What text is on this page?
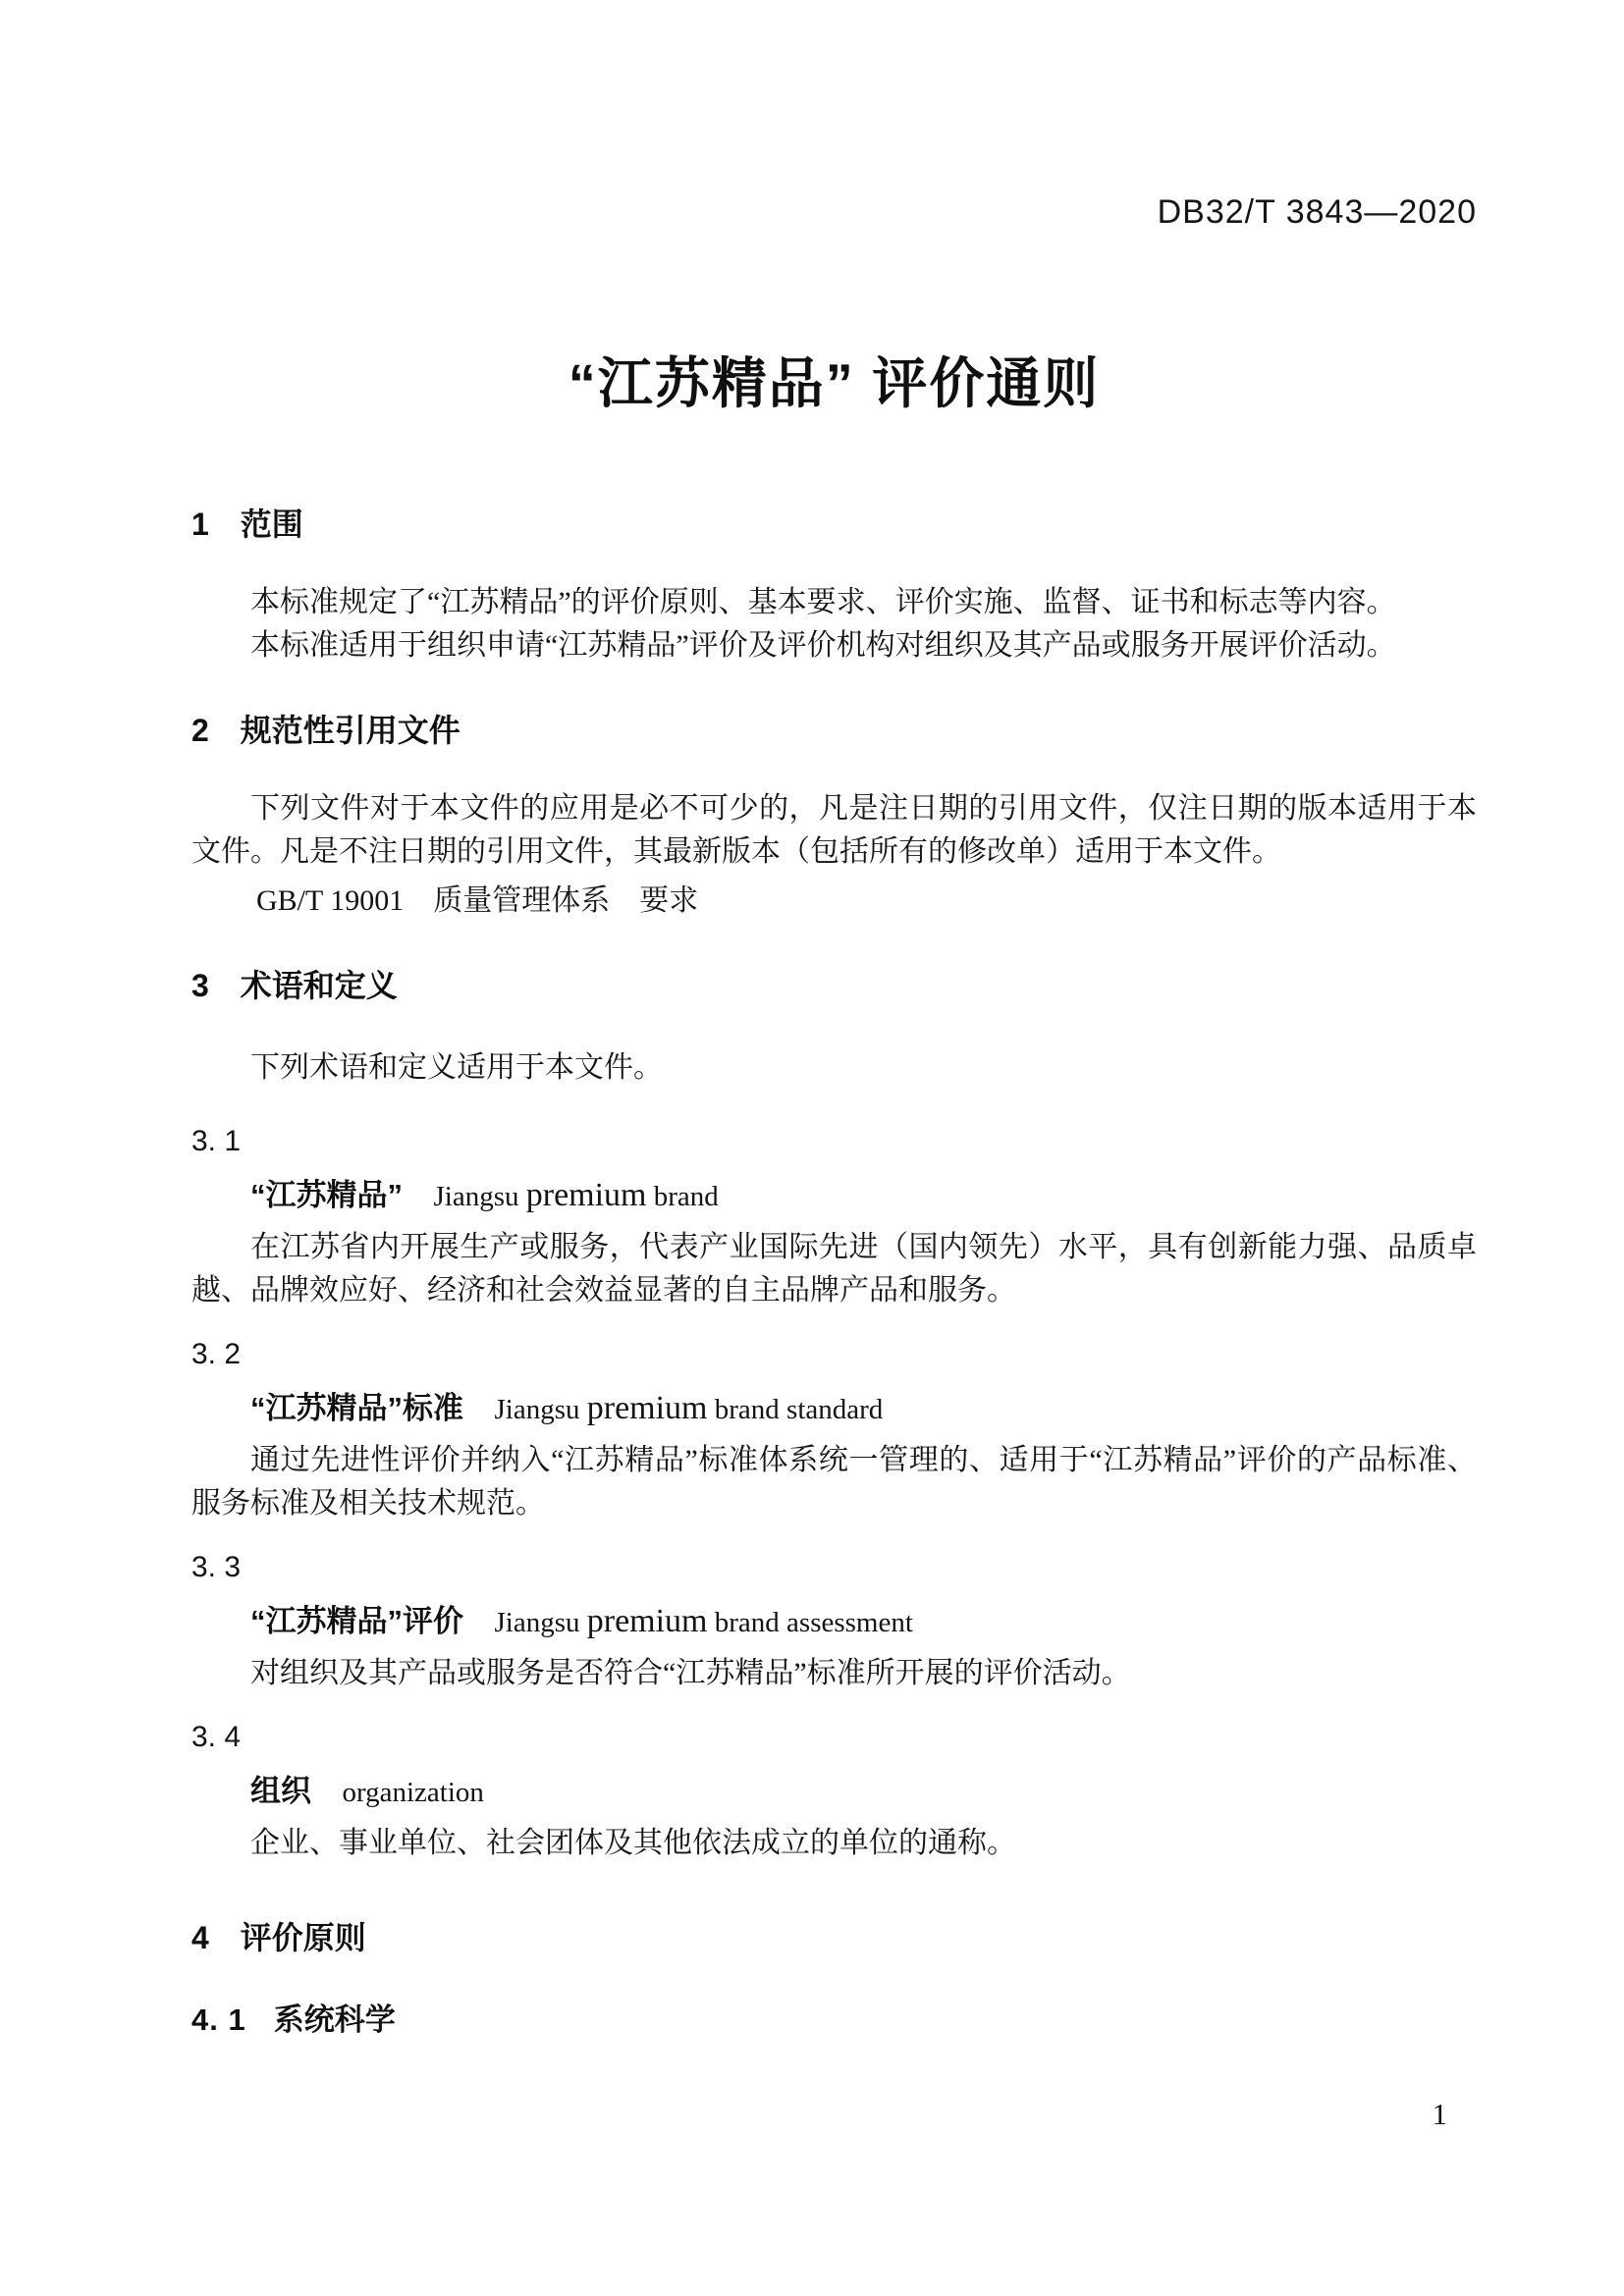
DB32/T 3843—2020
“江苏精品” 评价通则
1　范围

本标准规定了“江苏精品”的评价原则、基本要求、评价实施、监督、证书和标志等内容。

本标准适用于组织申请“江苏精品”评价及评价机构对组织及其产品或服务开展评价活动。

2　规范性引用文件

下列文件对于本文件的应用是必不可少的，凡是注日期的引用文件，仅注日期的版本适用于本文件。凡是不注日期的引用文件，其最新版本（包括所有的修改单）适用于本文件。

GB/T 19001　质量管理体系　要求

3　术语和定义

下列术语和定义适用于本文件。

3. 1

“江苏精品” Jiangsu premium brand

在江苏省内开展生产或服务，代表产业国际先进（国内领先）水平，具有创新能力强、品质卓越、品牌效应好、经济和社会效益显著的自主品牌产品和服务。

3. 2

“江苏精品”标准 Jiangsu premium brand standard

通过先进性评价并纳入“江苏精品”标准体系统一管理的、适用于“江苏精品”评价的产品标准、服务标准及相关技术规范。

3. 3

“江苏精品”评价 Jiangsu premium brand assessment

对组织及其产品或服务是否符合“江苏精品”标准所开展的评价活动。

3. 4

组织 organization

企业、事业单位、社会团体及其他依法成立的单位的通称。

4　评价原则

4. 1 系统科学

1
